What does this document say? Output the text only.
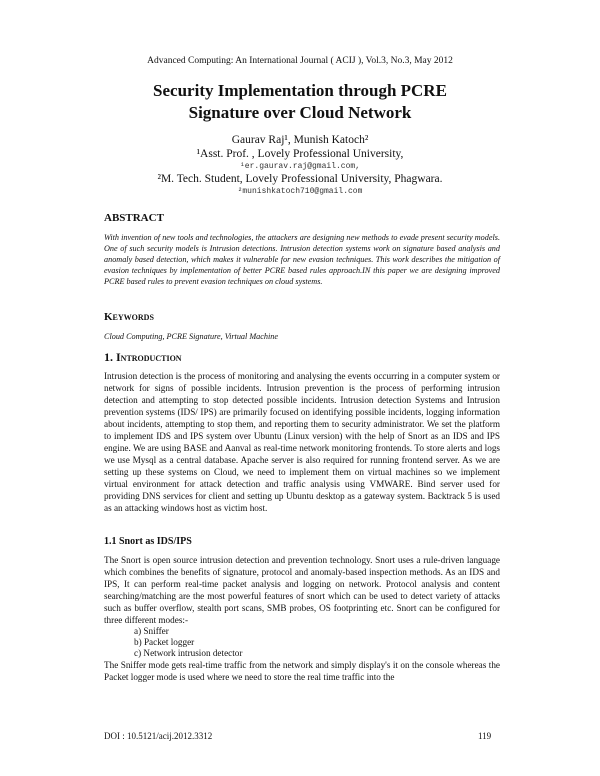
Advanced Computing: An International Journal ( ACIJ ), Vol.3, No.3, May 2012
Security Implementation through PCRE
Signature over Cloud Network
Gaurav Raj¹, Munish Katoch²
¹Asst. Prof. , Lovely Professional University,
¹er.gaurav.raj@gmail.com,
²M. Tech. Student, Lovely Professional University, Phagwara.
²munishkatoch710@gmail.com
ABSTRACT

With invention of new tools and technologies, the attackers are designing new methods to evade present security models. One of such security models is Intrusion detections. Intrusion detection systems work on signature based analysis and anomaly based detection, which makes it vulnerable for new evasion techniques. This work describes the mitigation of evasion techniques by implementation of better PCRE based rules approach.IN this paper we are designing improved PCRE based rules to prevent evasion techniques on cloud systems.

Keywords

Cloud Computing, PCRE Signature, Virtual Machine

1. Introduction

Intrusion detection is the process of monitoring and analysing the events occurring in a computer system or network for signs of possible incidents. Intrusion prevention is the process of performing intrusion detection and attempting to stop detected possible incidents. Intrusion detection Systems and Intrusion prevention systems (IDS/ IPS) are primarily focused on identifying possible incidents, logging information about incidents, attempting to stop them, and reporting them to security administrator. We set the platform to implement IDS and IPS system over Ubuntu (Linux version) with the help of Snort as an IDS and IPS engine. We are using BASE and Aanval as real-time network monitoring frontends. To store alerts and logs we use Mysql as a central database. Apache server is also required for running frontend server. As we are setting up these systems on Cloud, we need to implement them on virtual machines so we implement virtual environment for attack detection and traffic analysis using VMWARE. Bind server used for providing DNS services for client and setting up Ubuntu desktop as a gateway system. Backtrack 5 is used as an attacking windows host as victim host.

1.1 Snort as IDS/IPS

The Snort is open source intrusion detection and prevention technology. Snort uses a rule-driven language which combines the benefits of signature, protocol and anomaly-based inspection methods. As an IDS and IPS, It can perform real-time packet analysis and logging on network. Protocol analysis and content searching/matching are the most powerful features of snort which can be used to detect variety of attacks such as buffer overflow, stealth port scans, SMB probes, OS footprinting etc. Snort can be configured for three different modes:-

a) Sniffer
b) Packet logger
c) Network intrusion detector

The Sniffer mode gets real-time traffic from the network and simply display's it on the console whereas the Packet logger mode is used where we need to store the real time traffic into the

DOI : 10.5121/acij.2012.3312	119
